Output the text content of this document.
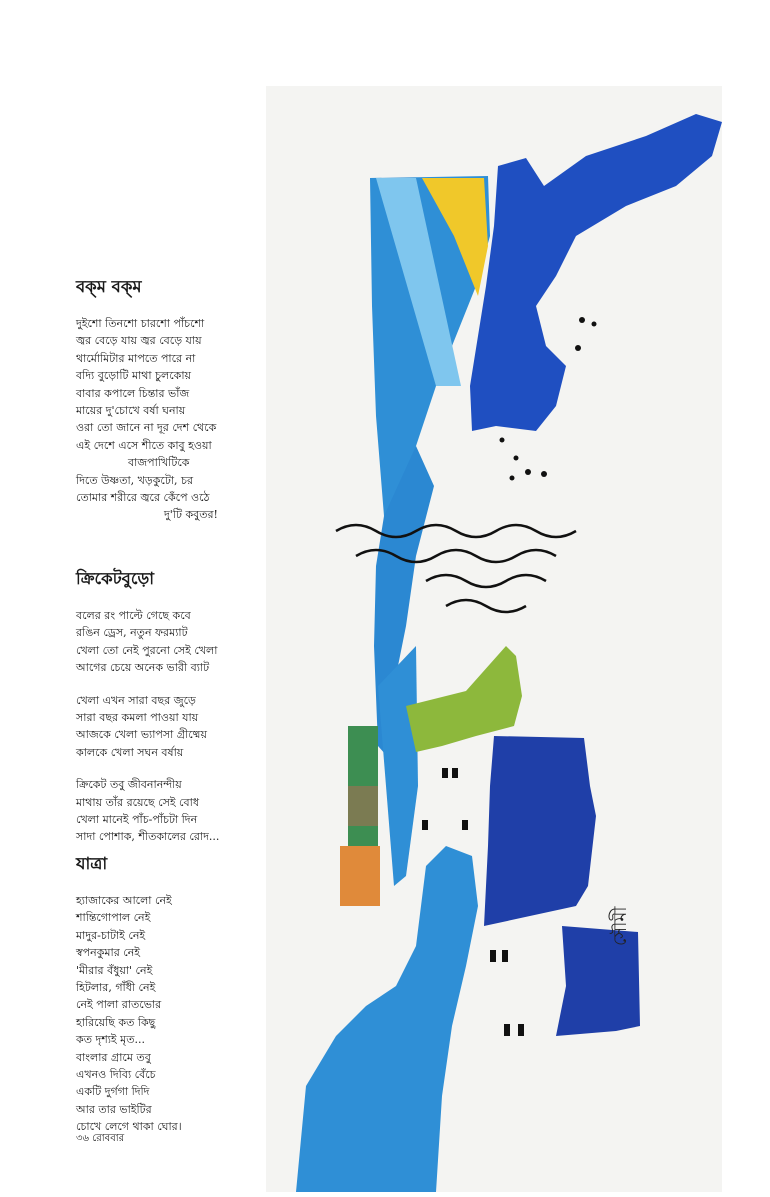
বক্‌ম বক্‌ম
দুইশো তিনশো চারশো পাঁচশো
জ্বর বেড়ে যায় জ্বর বেড়ে যায়
থার্মোমিটার মাপতে পারে না
বদ্যি বুড়োটি মাথা চুলকোয়
বাবার কপালে চিন্তার ভাঁজ
মায়ের দু'চোখে বর্ষা ঘনায়
ওরা তো জানে না দূর দেশ থেকে
এই দেশে এসে শীতে কাবু হওয়া
বাজপাখিটিকে
দিতে উষ্ণতা, খড়কুটো, চর
তোমার শরীরে জ্বরে কেঁপে ওঠে
দু'টি কবুতর!
ক্রিকেটবুড়ো
বলের রং পাল্টে গেছে কবে
রঙিন ড্রেস, নতুন ফরম্যাট
খেলা তো নেই পুরনো সেই খেলা
আগের চেয়ে অনেক ভারী ব্যাট
খেলা এখন সারা বছর জুড়ে
সারা বছর কমলা পাওয়া যায়
আজকে খেলা ভ্যাপসা গ্রীষ্মেয়
কালকে খেলা সঘন বর্ষায়
ক্রিকেট তবু জীবনানন্দীয়
মাথায় তাঁর রয়েছে সেই বোধ
খেলা মানেই পাঁচ-পাঁচটা দিন
সাদা পোশাক, শীতকালের রোদ...
যাত্রা
হ্যাজাকের আলো নেই
শান্তিগোপাল নেই
মাদুর-চাটাই নেই
স্বপনকুমার নেই
'মীরার বঁধুয়া' নেই
হিটলার, গাঁধী নেই
নেই পালা রাতভোর
হারিয়েছি কত কিছু
কত দৃশ্যই মৃত...
বাংলার গ্রামে তবু
এখনও দিব্যি বেঁচে
একটি দুর্গগা দিদি
আর তার ভাইটির
চোখে লেগে থাকা ঘোর।
৩৬ রোববার
সৌমী
